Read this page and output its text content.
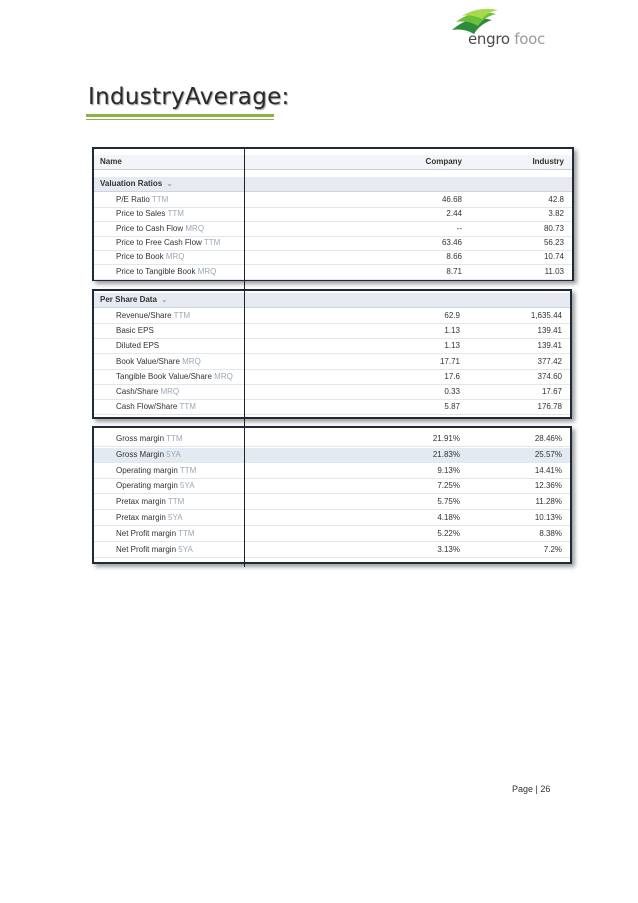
engro fooc
IndustryAverage:
Name	Company	Industry
Valuation Ratios ⌄
P/E Ratio TTM	46.68	42.8
Price to Sales TTM	2.44	3.82
Price to Cash Flow MRQ	--	80.73
Price to Free Cash Flow TTM	63.46	56.23
Price to Book MRQ	8.66	10.74
Price to Tangible Book MRQ	8.71	11.03
Per Share Data ⌄
Revenue/Share TTM	62.9	1,635.44
Basic EPS	1.13	139.41
Diluted EPS	1.13	139.41
Book Value/Share MRQ	17.71	377.42
Tangible Book Value/Share MRQ	17.6	374.60
Cash/Share MRQ	0.33	17.67
Cash Flow/Share TTM	5.87	176.78
Gross margin TTM	21.91%	28.46%
Gross Margin 5YA	21.83%	25.57%
Operating margin TTM	9.13%	14.41%
Operating margin 5YA	7.25%	12.36%
Pretax margin TTM	5.75%	11.28%
Pretax margin 5YA	4.18%	10.13%
Net Profit margin TTM	5.22%	8.38%
Net Profit margin 5YA	3.13%	7.2%
Page | 26
